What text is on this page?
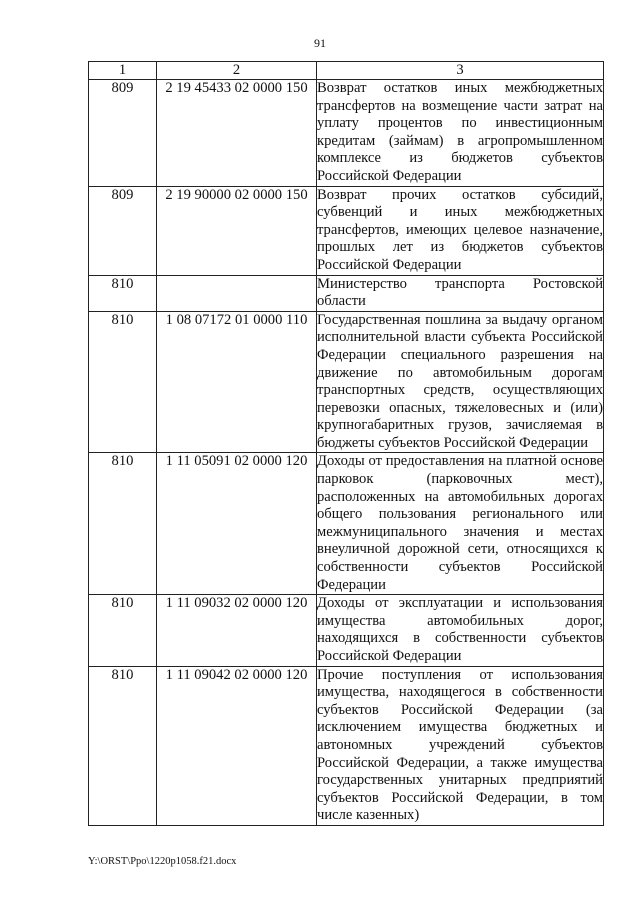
91
1	2	3
809	2 19 45433 02 0000 150	Возврат остатков иных межбюджетных трансфертов на возмещение части затрат на уплату процентов по инвестиционным кредитам (займам) в агропромышленном комплексе из бюджетов субъектов Российской Федерации
809	2 19 90000 02 0000 150	Возврат прочих остатков субсидий, субвенций и иных межбюджетных трансфертов, имеющих целевое назначение, прошлых лет из бюджетов субъектов Российской Федерации
810		Министерство транспорта Ростовской области
810	1 08 07172 01 0000 110	Государственная пошлина за выдачу органом исполнительной власти субъекта Российской Федерации специального разрешения на движение по автомобильным дорогам транспортных средств, осуществляющих перевозки опасных, тяжеловесных и (или) крупногабаритных грузов, зачисляемая в бюджеты субъектов Российской Федерации
810	1 11 05091 02 0000 120	Доходы от предоставления на платной основе парковок (парковочных мест), расположенных на автомобильных дорогах общего пользования регионального или межмуниципального значения и местах внеуличной дорожной сети, относящихся к собственности субъектов Российской Федерации
810	1 11 09032 02 0000 120	Доходы от эксплуатации и использования имущества автомобильных дорог, находящихся в собственности субъектов Российской Федерации
810	1 11 09042 02 0000 120	Прочие поступления от использования имущества, находящегося в собственности субъектов Российской Федерации (за исключением имущества бюджетных и автономных учреждений субъектов Российской Федерации, а также имущества государственных унитарных предприятий субъектов Российской Федерации, в том числе казенных)
Y:\ORST\Ppo\1220p1058.f21.docx
